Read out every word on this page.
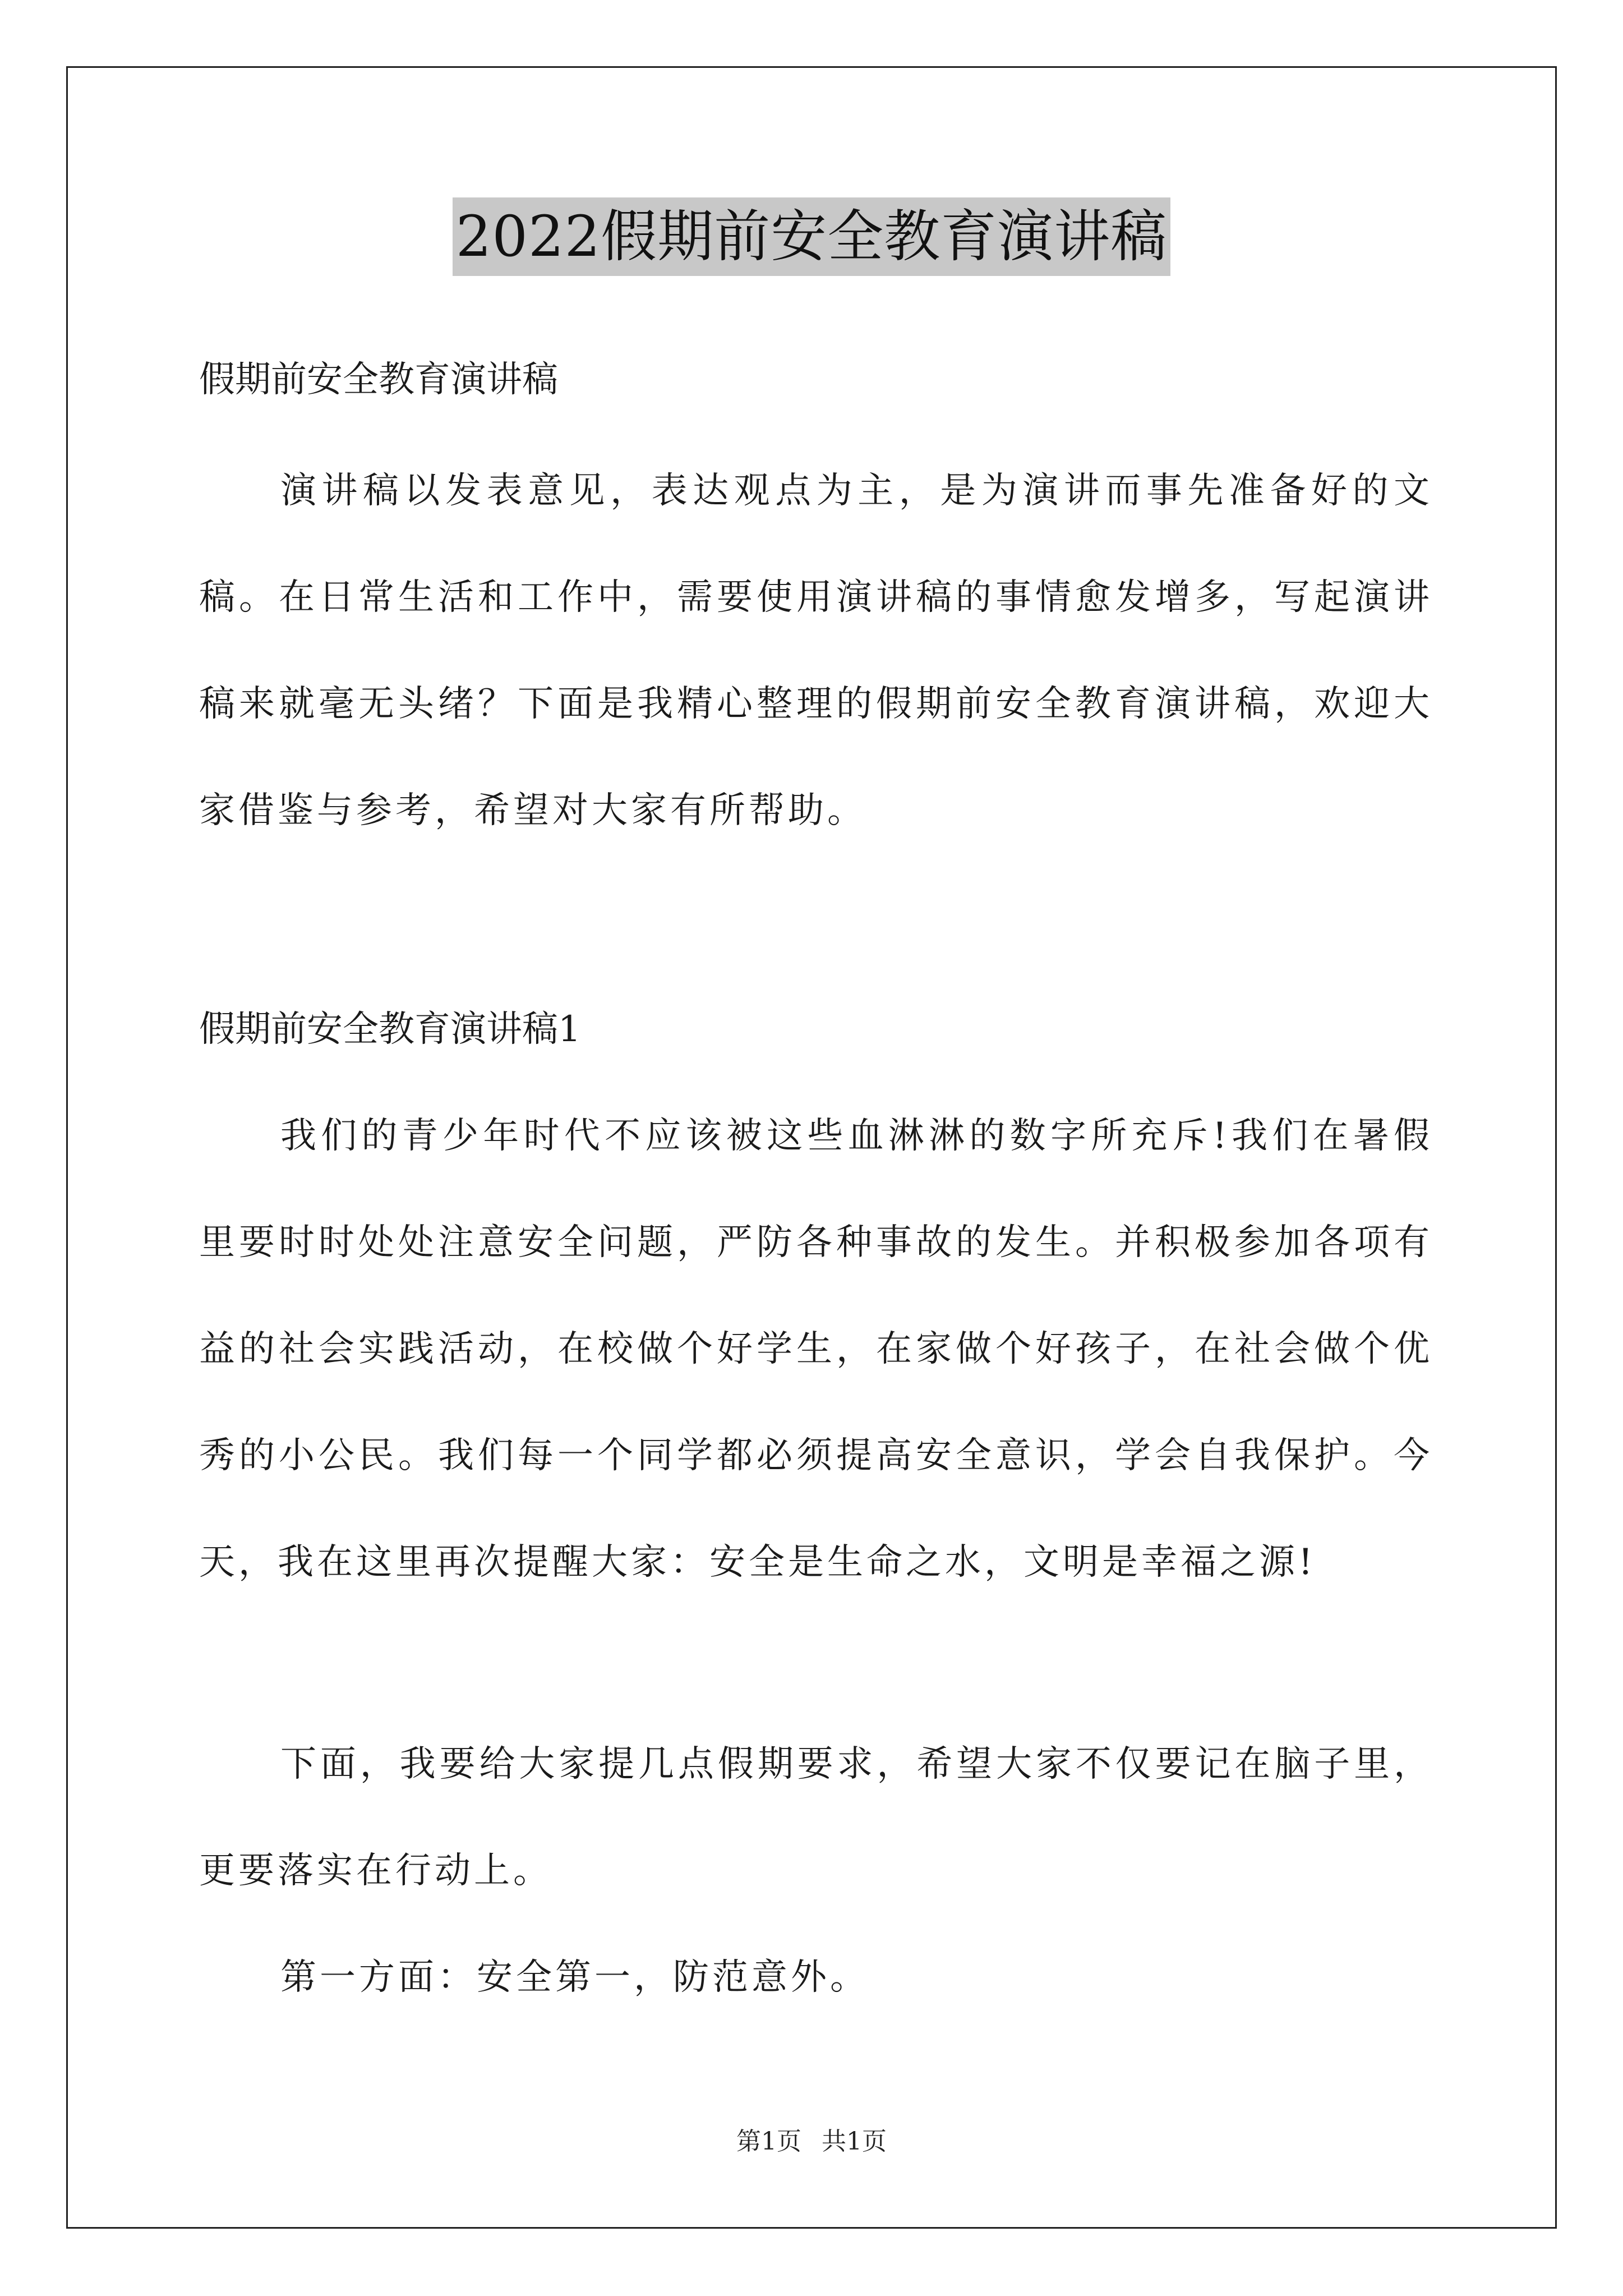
2022假期前安全教育演讲稿
假期前安全教育演讲稿
演讲稿以发表意见，表达观点为主，是为演讲而事先准备好的文稿。在日常生活和工作中，需要使用演讲稿的事情愈发增多，写起演讲稿来就毫无头绪？下面是我精心整理的假期前安全教育演讲稿，欢迎大家借鉴与参考，希望对大家有所帮助。
假期前安全教育演讲稿1
我们的青少年时代不应该被这些血淋淋的数字所充斥!我们在暑假里要时时处处注意安全问题，严防各种事故的发生。并积极参加各项有益的社会实践活动，在校做个好学生，在家做个好孩子，在社会做个优秀的小公民。我们每一个同学都必须提高安全意识，学会自我保护。今天，我在这里再次提醒大家：安全是生命之水，文明是幸福之源!
下面，我要给大家提几点假期要求，希望大家不仅要记在脑子里，更要落实在行动上。
第一方面：安全第一，防范意外。
第1页 共1页
